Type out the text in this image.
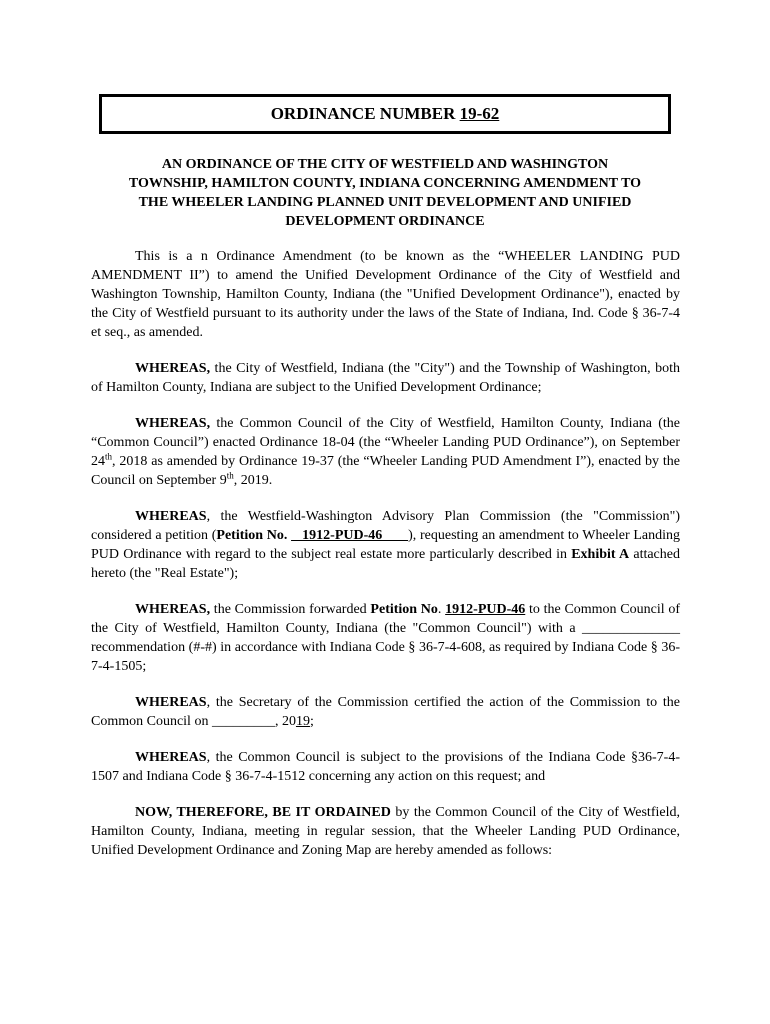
ORDINANCE NUMBER
19-62
AN ORDINANCE OF THE CITY OF WESTFIELD AND WASHINGTON
TOWNSHIP, HAMILTON COUNTY, INDIANA CONCERNING AMENDMENT TO
THE WHEELER LANDING PLANNED UNIT DEVELOPMENT AND UNIFIED
DEVELOPMENT ORDINANCE

This is a n Ordinance Amendment (to be known as the “WHEELER LANDING PUD AMENDMENT II”) to amend the Unified Development Ordinance of the City of Westfield and Washington Township, Hamilton County, Indiana (the "Unified Development Ordinance"), enacted by the City of Westfield pursuant to its authority under the laws of the State of Indiana, Ind. Code § 36-7-4 et seq., as amended.

WHEREAS, the City of Westfield, Indiana (the "City") and the Township of Washington, both of Hamilton County, Indiana are subject to the Unified Development Ordinance;

WHEREAS, the Common Council of the City of Westfield, Hamilton County, Indiana (the “Common Council”) enacted Ordinance 18-04 (the “Wheeler Landing PUD Ordinance”), on September 24th, 2018 as amended by Ordinance 19-37 (the “Wheeler Landing PUD Amendment I”), enacted by the Council on September 9th, 2019.

WHEREAS, the Westfield-Washington Advisory Plan Commission (the "Commission") considered a petition (Petition No.    1912-PUD-46       ), requesting an amendment to Wheeler Landing PUD Ordinance with regard to the subject real estate more particularly described in Exhibit A attached hereto (the "Real Estate");

WHEREAS, the Commission forwarded Petition No. 1912-PUD-46 to the Common Council of the City of Westfield, Hamilton County, Indiana (the "Common Council") with a ______________ recommendation (#-#) in accordance with Indiana Code § 36-7-4-608, as required by Indiana Code § 36-7-4-1505;

WHEREAS, the Secretary of the Commission certified the action of the Commission to the Common Council on _________, 2019;

WHEREAS, the Common Council is subject to the provisions of the Indiana Code §36-7-4-1507 and Indiana Code § 36-7-4-1512 concerning any action on this request; and

NOW, THEREFORE, BE IT ORDAINED by the Common Council of the City of Westfield, Hamilton County, Indiana, meeting in regular session, that the Wheeler Landing PUD Ordinance, Unified Development Ordinance and Zoning Map are hereby amended as follows:
